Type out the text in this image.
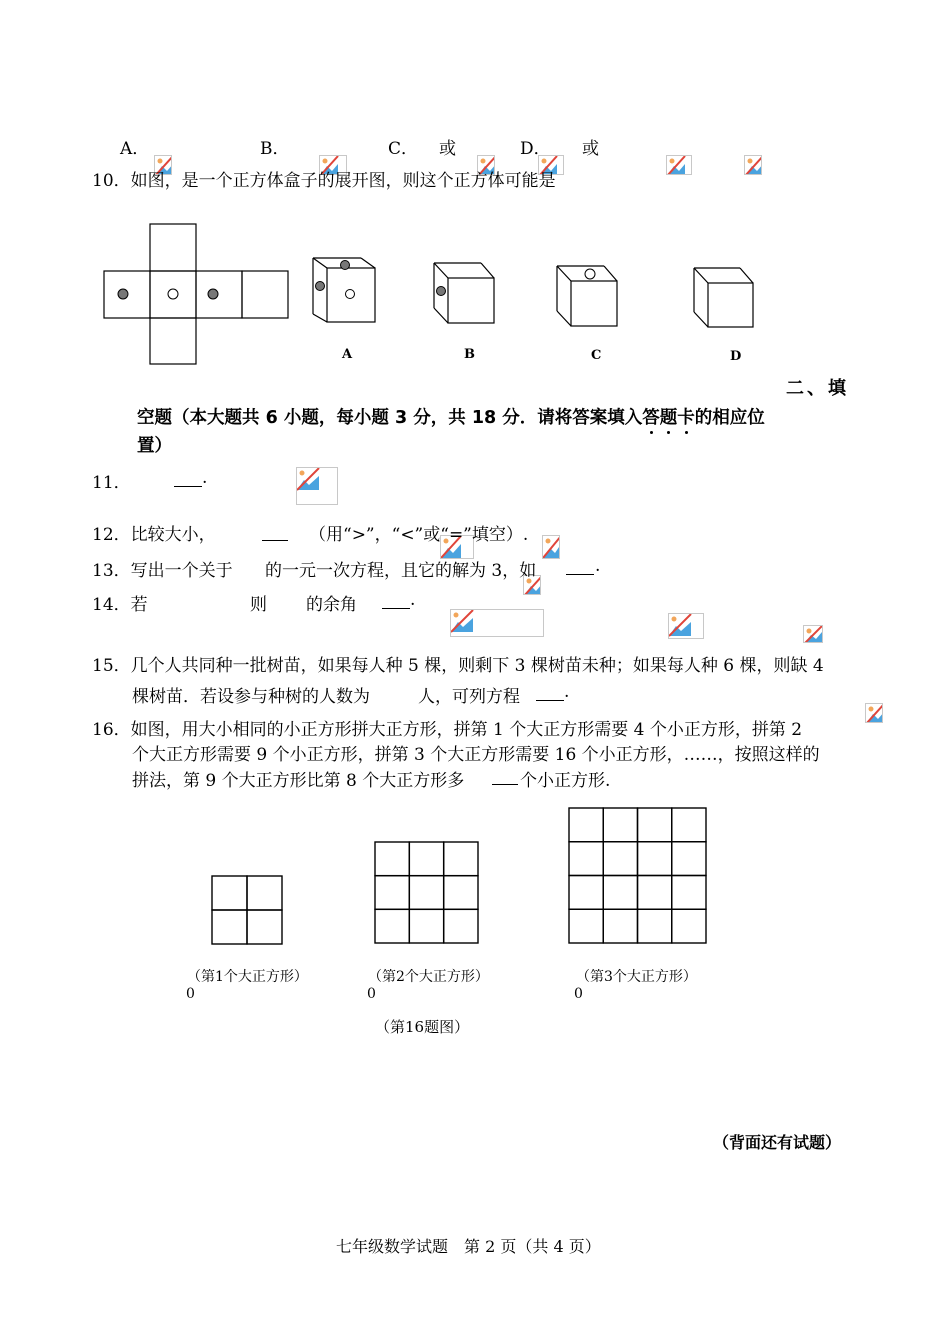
A．
	B．
	C．
或
	D．
或

10．如图，是一个正方体盒子的展开图，则这个正方体可能是
A	B	C	D
二、填
空题（本大题共 6 小题，每小题 3 分，共 18 分．请将答案填入答题卡的相应位
置）
11．
	.
12．比较大小，

	（用“>”，“<”或“=”填空）.
13．写出一个关于
的一元一次方程，且它的解为 3，如	.
14．若
	则
的余角
	.
15．几个人共同种一批树苗，如果每人种 5 棵，则剩下 3 棵树苗未种；如果每人种 6 棵，则缺 4
棵树苗．若设参与种树的人数为	人，可列方程	.
16．如图，用大小相同的小正方形拼大正方形，拼第 1 个大正方形需要 4 个小正方形，拼第 2
个大正方形需要 9 个小正方形，拼第 3 个大正方形需要 16 个小正方形，……，按照这样的
拼法，第 9 个大正方形比第 8 个大正方形多	个小正方形.
（第1个大正方形）	（第2个大正方形）	（第3个大正方形）
0	0	0
（第16题图）
（背面还有试题）
七年级数学试题　第 2 页（共 4 页）
